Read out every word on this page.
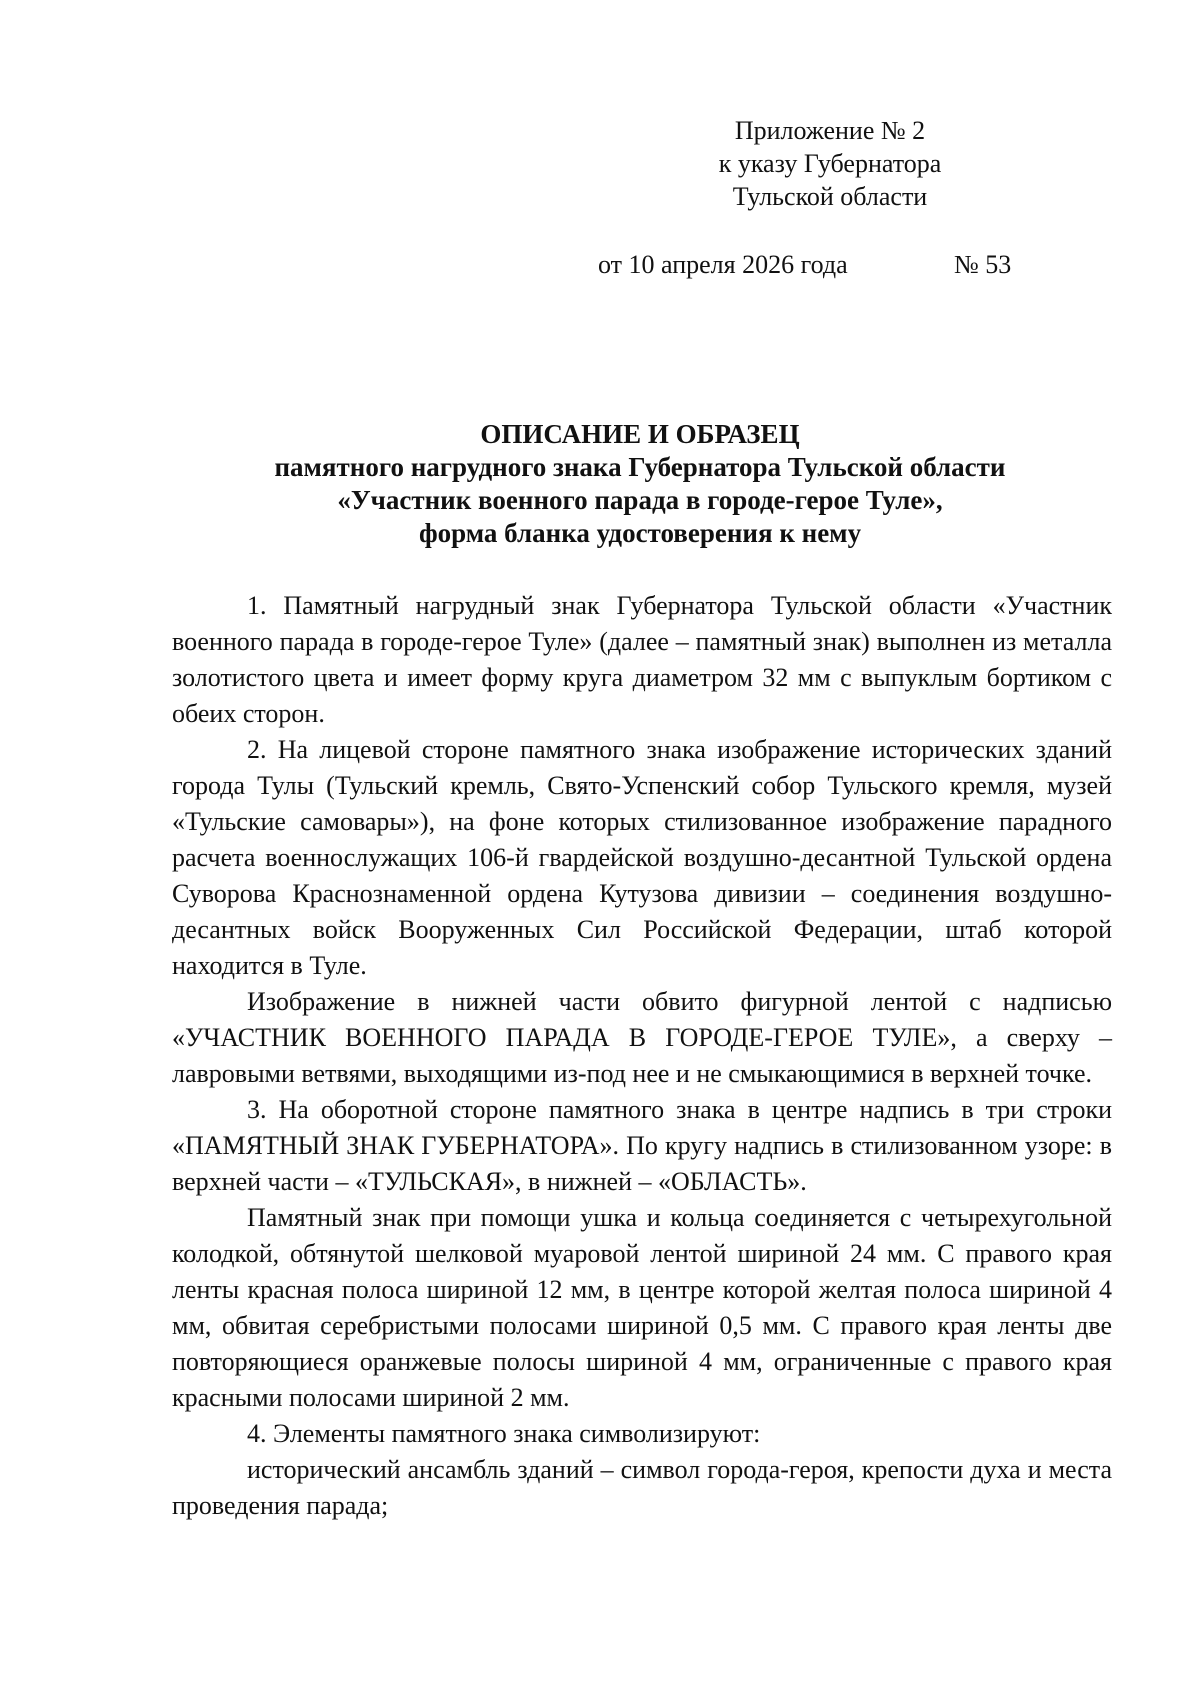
Приложение № 2
к указу Губернатора
Тульской области
от 10 апреля 2026 года	№ 53
ОПИСАНИЕ И ОБРАЗЕЦ
памятного нагрудного знака Губернатора Тульской области
«Участник военного парада в городе-герое Туле»,
форма бланка удостоверения к нему

1. Памятный нагрудный знак Губернатора Тульской области «Участник военного парада в городе-герое Туле» (далее – памятный знак) выполнен из металла золотистого цвета и имеет форму круга диаметром 32 мм с выпуклым бортиком с обеих сторон.

2. На лицевой стороне памятного знака изображение исторических зданий города Тулы (Тульский кремль, Свято-Успенский собор Тульского кремля, музей «Тульские самовары»), на фоне которых стилизованное изображение парадного расчета военнослужащих 106-й гвардейской воздушно-десантной Тульской ордена Суворова Краснознаменной ордена Кутузова дивизии – соединения воздушно-десантных войск Вооруженных Сил Российской Федерации, штаб которой находится в Туле.

Изображение в нижней части обвито фигурной лентой с надписью «УЧАСТНИК ВОЕННОГО ПАРАДА В ГОРОДЕ-ГЕРОЕ ТУЛЕ», а сверху – лавровыми ветвями, выходящими из-под нее и не смыкающимися в верхней точке.

3. На оборотной стороне памятного знака в центре надпись в три строки «ПАМЯТНЫЙ ЗНАК ГУБЕРНАТОРА». По кругу надпись в стилизованном узоре: в верхней части – «ТУЛЬСКАЯ», в нижней – «ОБЛАСТЬ».

Памятный знак при помощи ушка и кольца соединяется с четырехугольной колодкой, обтянутой шелковой муаровой лентой шириной 24 мм. С правого края ленты красная полоса шириной 12 мм, в центре которой желтая полоса шириной 4 мм, обвитая серебристыми полосами шириной 0,5 мм. С правого края ленты две повторяющиеся оранжевые полосы шириной 4 мм, ограниченные с правого края красными полосами шириной 2 мм.

4. Элементы памятного знака символизируют:

исторический ансамбль зданий – символ города-героя, крепости духа и места проведения парада;
